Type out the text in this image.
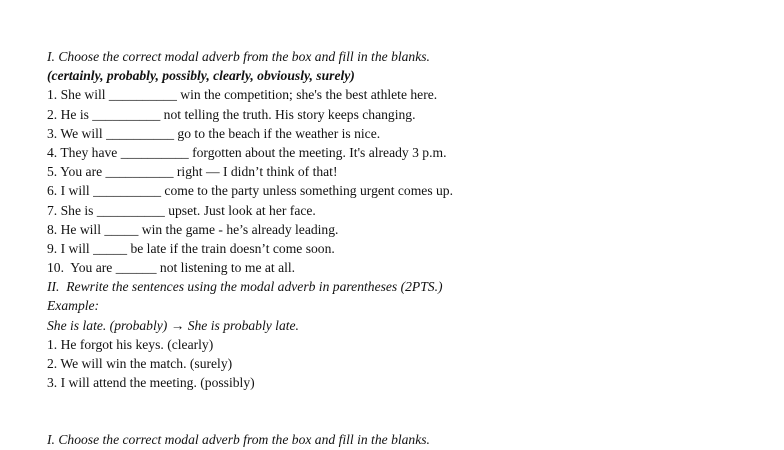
I. Choose the correct modal adverb from the box and fill in the blanks.
(certainly, probably, possibly, clearly, obviously, surely)
1. She will __________ win the competition; she's the best athlete here.
2. He is __________ not telling the truth. His story keeps changing.
3. We will __________ go to the beach if the weather is nice.
4. They have __________ forgotten about the meeting. It's already 3 p.m.
5. You are __________ right — I didn’t think of that!
6. I will __________ come to the party unless something urgent comes up.
7. She is __________ upset. Just look at her face.
8. He will _____ win the game - he’s already leading.
9. I will _____ be late if the train doesn’t come soon.
10.  You are ______ not listening to me at all.
II.  Rewrite the sentences using the modal adverb in parentheses (2PTS.)
Example:
She is late. (probably) → She is probably late.
1. He forgot his keys. (clearly)
2. We will win the match. (surely)
3. I will attend the meeting. (possibly)
I. Choose the correct modal adverb from the box and fill in the blanks.
